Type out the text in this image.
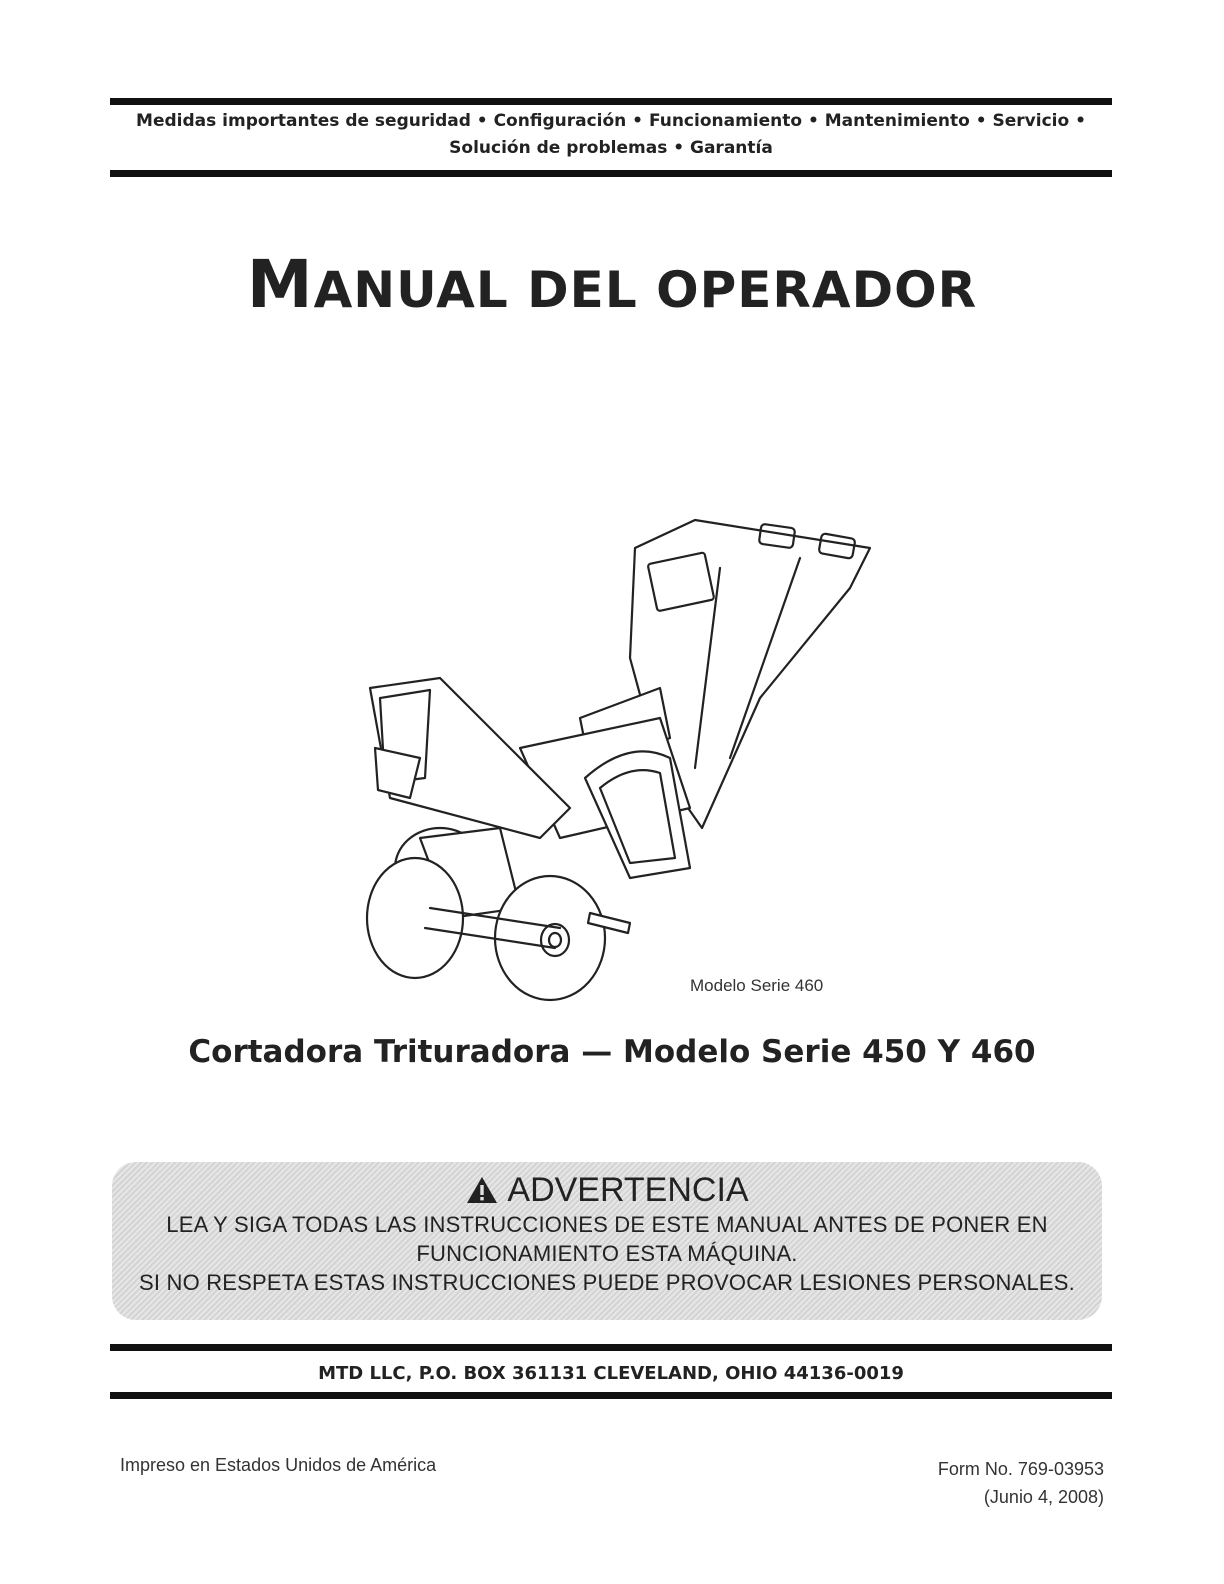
Medidas importantes de seguridad • Configuración • Funcionamiento • Mantenimiento • Servicio •
Solución de problemas • Garantía
MANUAL DEL OPERADOR
Modelo Serie 460
Cortadora Trituradora — Modelo Serie 450 Y 460
ADVERTENCIA
LEA Y SIGA TODAS LAS INSTRUCCIONES DE ESTE MANUAL ANTES DE PONER EN
FUNCIONAMIENTO ESTA MÁQUINA.
SI NO RESPETA ESTAS INSTRUCCIONES PUEDE PROVOCAR LESIONES PERSONALES.
MTD LLC, P.O. BOX 361131 CLEVELAND, OHIO 44136-0019
Impreso en Estados Unidos de América	Form No. 769-03953
(Junio 4, 2008)
